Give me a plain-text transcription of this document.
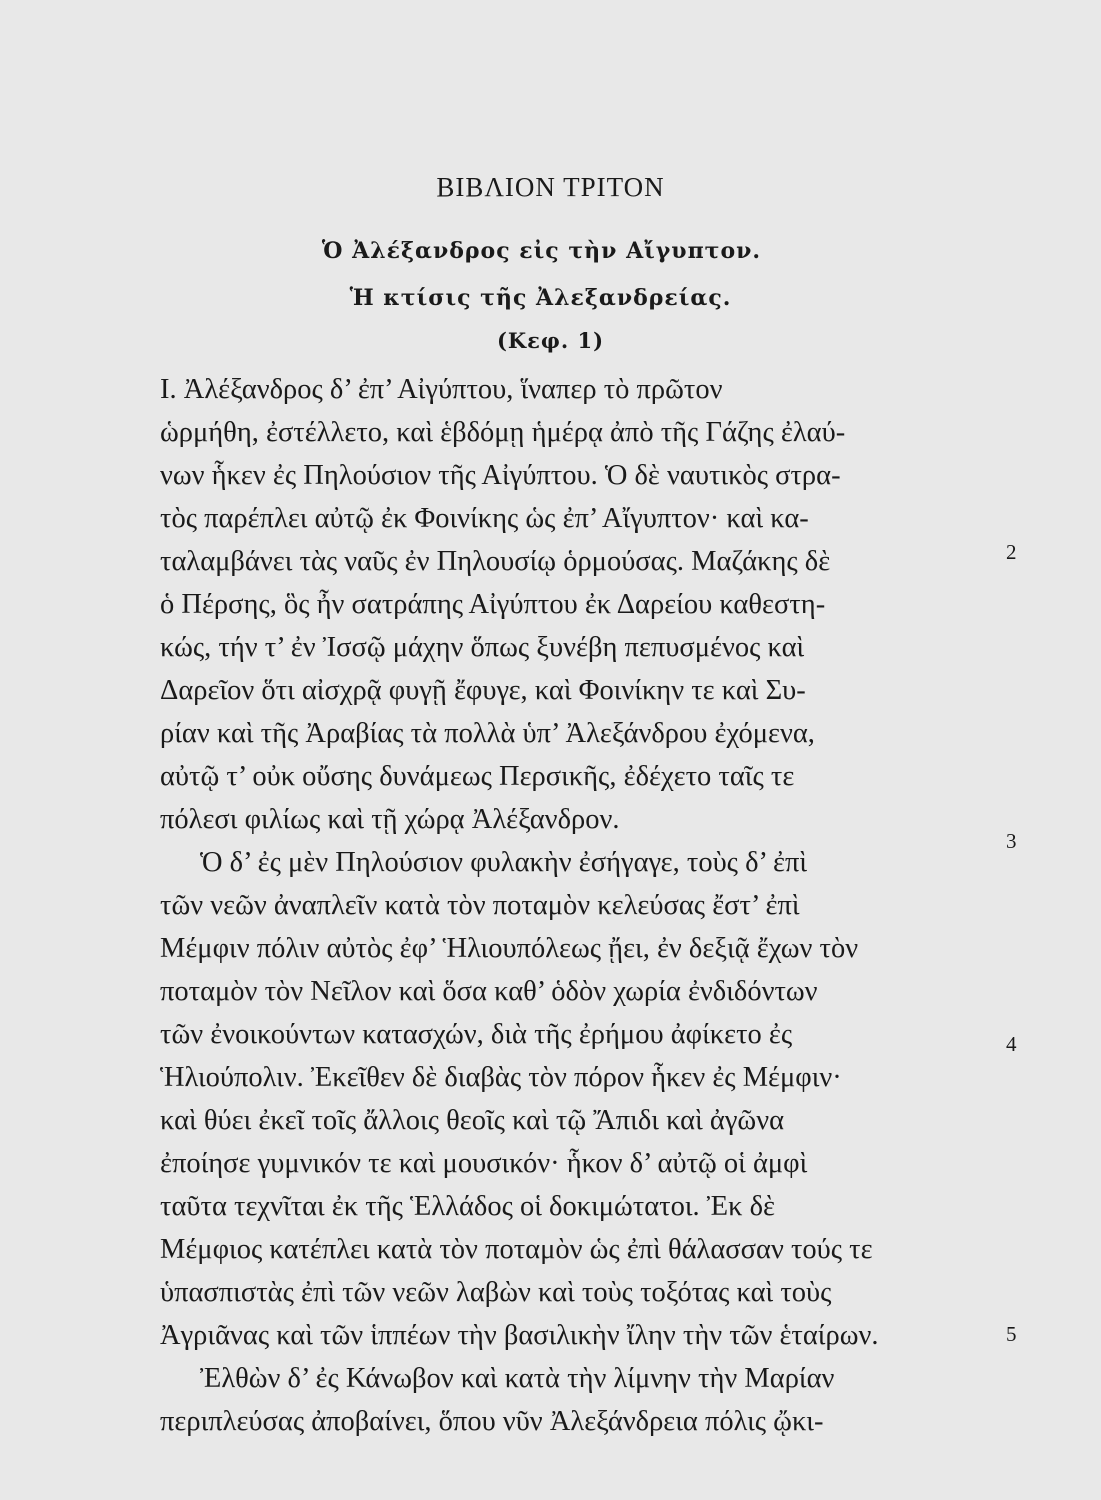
ΒΙΒΛΙΟΝ ΤΡΙΤΟΝ
Ὁ Ἀλέξανδρος εἰς τὴν Αἴγυπτον.
Ἡ κτίσις τῆς Ἀλεξανδρείας.
(Κεφ. 1)
I. Ἀλέξανδρος δ’ ἐπ’ Αἰγύπτου, ἵναπερ τὸ πρῶτον
ὡρμήθη, ἐστέλλετο, καὶ ἑβδόμῃ ἡμέρᾳ ἀπὸ τῆς Γάζης ἐλαύ-
νων ἧκεν ἐς Πηλούσιον τῆς Αἰγύπτου. Ὁ δὲ ναυτικὸς στρα-
τὸς παρέπλει αὐτῷ ἐκ Φοινίκης ὡς ἐπ’ Αἴγυπτον· καὶ κα-
ταλαμβάνει τὰς ναῦς ἐν Πηλουσίῳ ὁρμούσας. Μαζάκης δὲ
ὁ Πέρσης, ὃς ἦν σατράπης Αἰγύπτου ἐκ Δαρείου καθεστη-
κώς, τήν τ’ ἐν Ἰσσῷ μάχην ὅπως ξυνέβη πεπυσμένος καὶ
Δαρεῖον ὅτι αἰσχρᾷ φυγῇ ἔφυγε, καὶ Φοινίκην τε καὶ Συ-
ρίαν καὶ τῆς Ἀραβίας τὰ πολλὰ ὑπ’ Ἀλεξάνδρου ἐχόμενα,
αὐτῷ τ’ οὐκ οὔσης δυνάμεως Περσικῆς, ἐδέχετο ταῖς τε
πόλεσι φιλίως καὶ τῇ χώρᾳ Ἀλέξανδρον.
Ὁ δ’ ἐς μὲν Πηλούσιον φυλακὴν ἐσήγαγε, τοὺς δ’ ἐπὶ
τῶν νεῶν ἀναπλεῖν κατὰ τὸν ποταμὸν κελεύσας ἔστ’ ἐπὶ
Μέμφιν πόλιν αὐτὸς ἐφ’ Ἡλιουπόλεως ᾔει, ἐν δεξιᾷ ἔχων τὸν
ποταμὸν τὸν Νεῖλον καὶ ὅσα καθ’ ὁδὸν χωρία ἐνδιδόντων
τῶν ἐνοικούντων κατασχών, διὰ τῆς ἐρήμου ἀφίκετο ἐς
Ἡλιούπολιν. Ἐκεῖθεν δὲ διαβὰς τὸν πόρον ἧκεν ἐς Μέμφιν·
καὶ θύει ἐκεῖ τοῖς ἄλλοις θεοῖς καὶ τῷ Ἄπιδι καὶ ἀγῶνα
ἐποίησε γυμνικόν τε καὶ μουσικόν· ἧκον δ’ αὐτῷ οἱ ἀμφὶ
ταῦτα τεχνῖται ἐκ τῆς Ἑλλάδος οἱ δοκιμώτατοι. Ἐκ δὲ
Μέμφιος κατέπλει κατὰ τὸν ποταμὸν ὡς ἐπὶ θάλασσαν τούς τε
ὑπασπιστὰς ἐπὶ τῶν νεῶν λαβὼν καὶ τοὺς τοξότας καὶ τοὺς
Ἀγριᾶνας καὶ τῶν ἱππέων τὴν βασιλικὴν ἴλην τὴν τῶν ἑταίρων.
Ἐλθὼν δ’ ἐς Κάνωβον καὶ κατὰ τὴν λίμνην τὴν Μαρίαν
περιπλεύσας ἀποβαίνει, ὅπου νῦν Ἀλεξάνδρεια πόλις ᾤκι-
2
3
4
5
